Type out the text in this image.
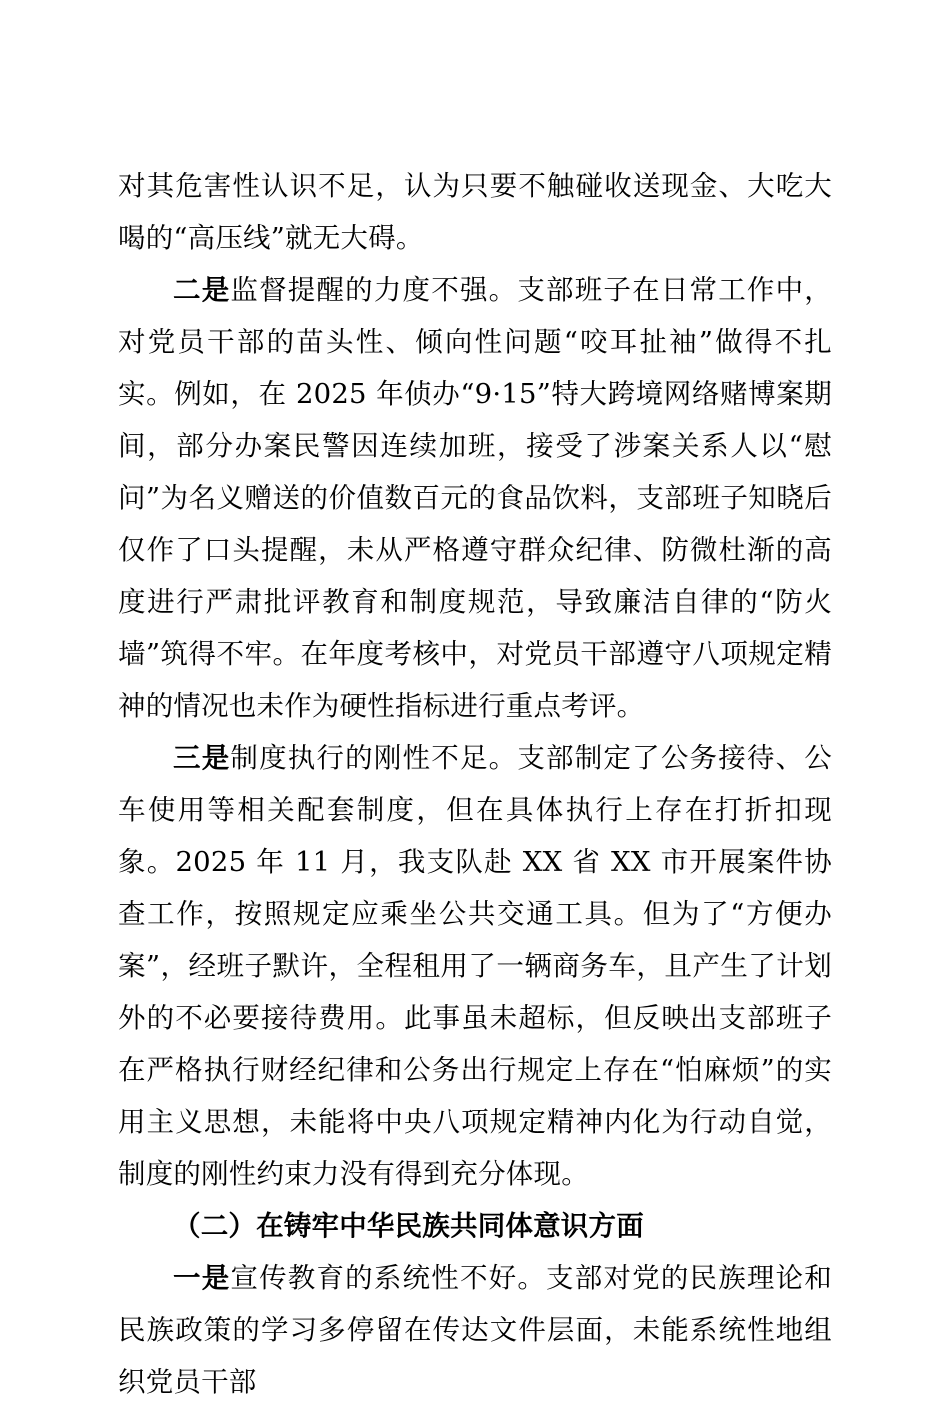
对其危害性认识不足，认为只要不触碰收送现金、大吃大喝的“高压线”就无大碍。

二是监督提醒的力度不强。支部班子在日常工作中，对党员干部的苗头性、倾向性问题“咬耳扯袖”做得不扎实。例如，在 2025 年侦办“9·15”特大跨境网络赌博案期间，部分办案民警因连续加班，接受了涉案关系人以“慰问”为名义赠送的价值数百元的食品饮料，支部班子知晓后仅作了口头提醒，未从严格遵守群众纪律、防微杜渐的高度进行严肃批评教育和制度规范，导致廉洁自律的“防火墙”筑得不牢。在年度考核中，对党员干部遵守八项规定精神的情况也未作为硬性指标进行重点考评。

三是制度执行的刚性不足。支部制定了公务接待、公车使用等相关配套制度，但在具体执行上存在打折扣现象。2025 年 11 月，我支队赴 XX 省 XX 市开展案件协查工作，按照规定应乘坐公共交通工具。但为了“方便办案”，经班子默许，全程租用了一辆商务车，且产生了计划外的不必要接待费用。此事虽未超标，但反映出支部班子在严格执行财经纪律和公务出行规定上存在“怕麻烦”的实用主义思想，未能将中央八项规定精神内化为行动自觉，制度的刚性约束力没有得到充分体现。

（二）在铸牢中华民族共同体意识方面

一是宣传教育的系统性不好。支部对党的民族理论和民族政策的学习多停留在传达文件层面，未能系统性地组织党员干部
